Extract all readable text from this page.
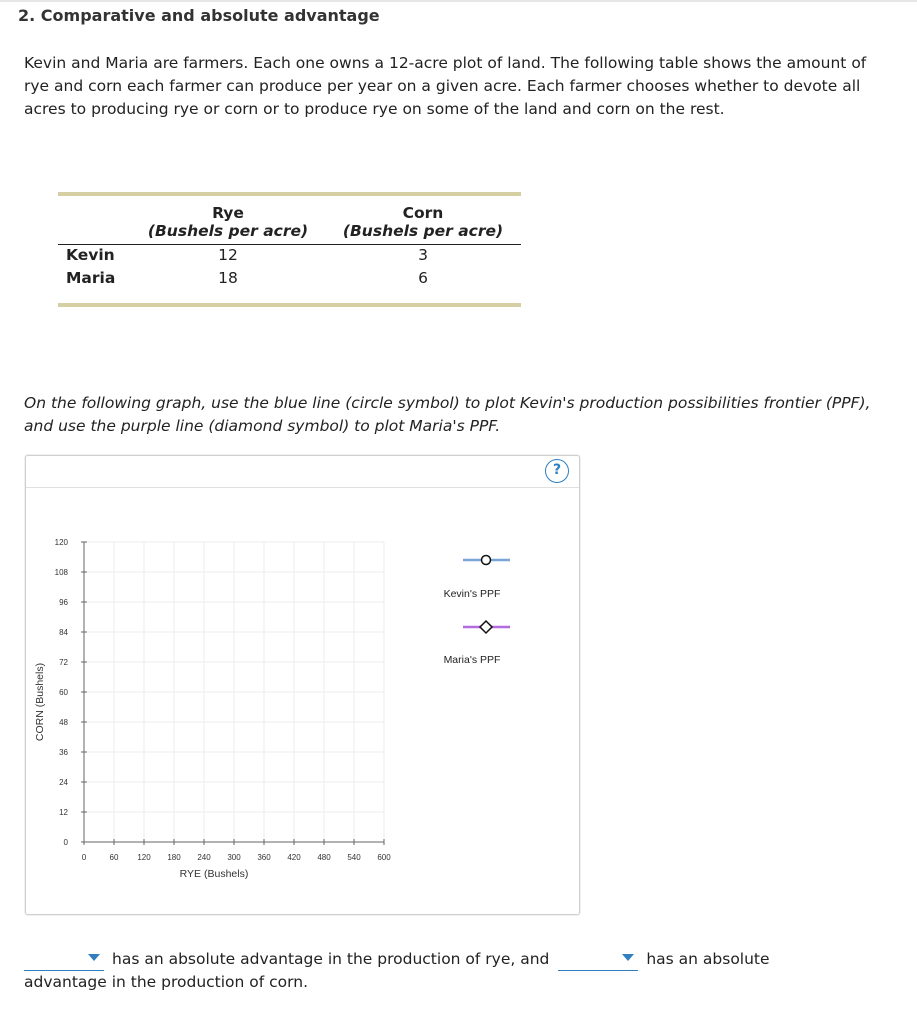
2. Comparative and absolute advantage
Kevin and Maria are farmers. Each one owns a 12-acre plot of land. The following table shows the amount of rye and corn each farmer can produce per year on a given acre. Each farmer chooses whether to devote all acres to producing rye or corn or to produce rye on some of the land and corn on the rest.
Rye
(Bushels per acre)
Corn
(Bushels per acre)
Kevin	12	3
Maria	18	6
On the following graph, use the blue line (circle symbol) to plot Kevin's production possibilities frontier (PPF), and use the purple line (diamond symbol) to plot Maria's PPF.
?
0	60 120 180 240 300 360 420 480 540 600
0
12
24
36
48
60
72
84
96
108
120
RYE (Bushels)
CORN (Bushels)
Kevin's PPF
Maria's PPF
has an absolute advantage in the production of rye, and	has an absolute
advantage in the production of corn.
